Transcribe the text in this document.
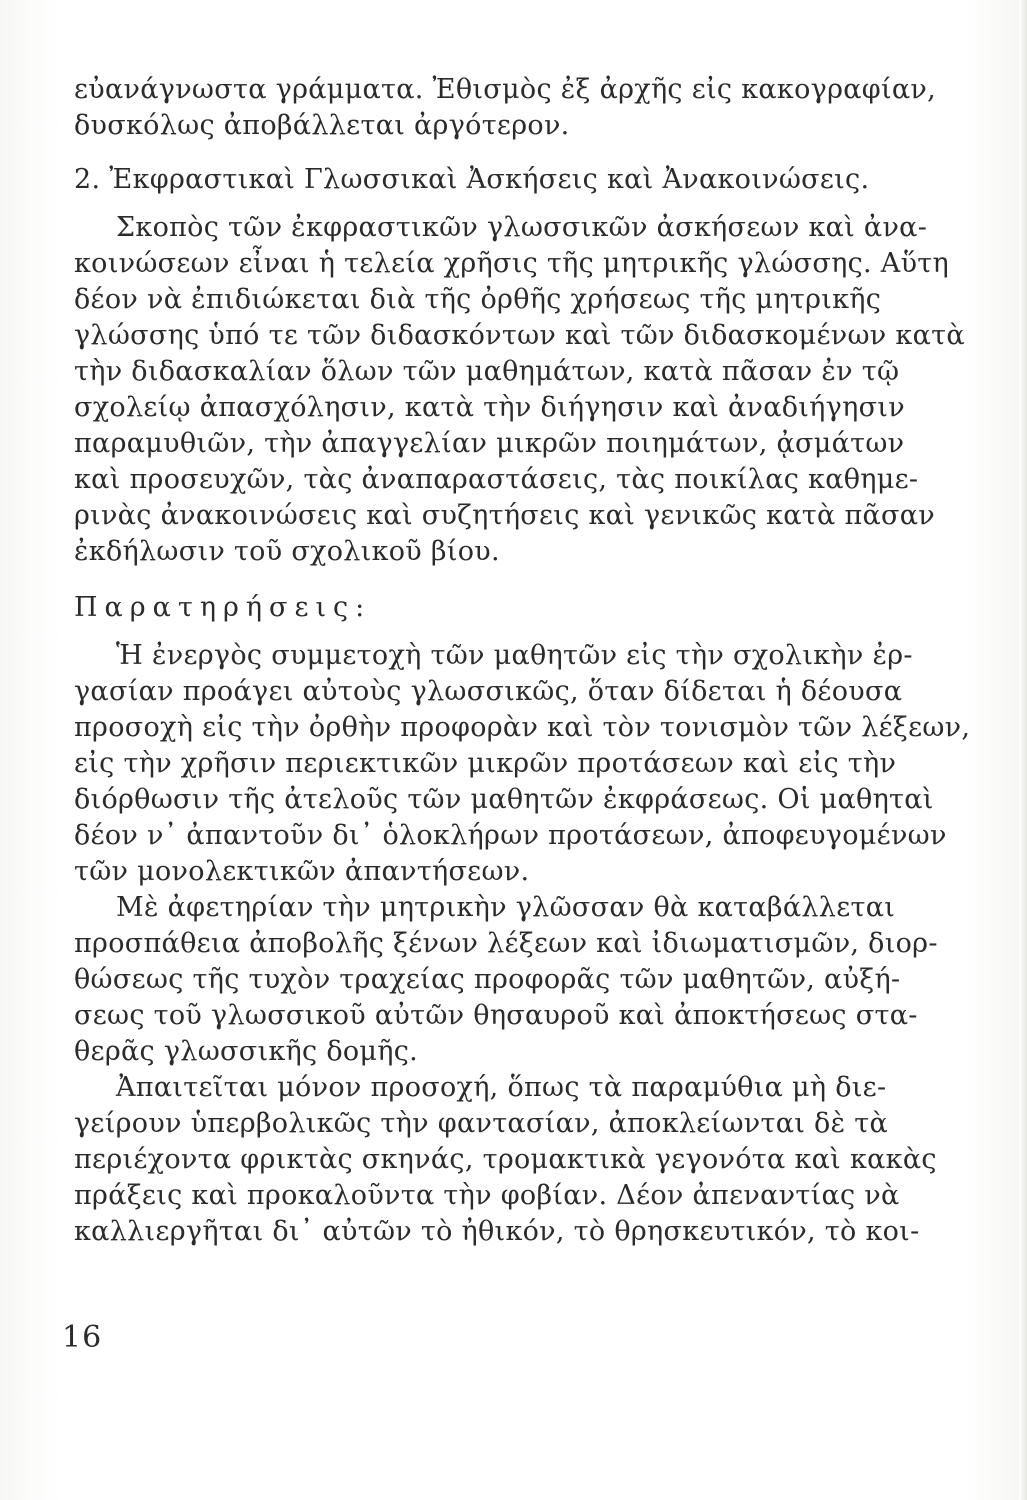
εὐανάγνωστα γράμματα. Ἐθισμὸς ἐξ ἀρχῆς εἰς κακογραφίαν,
δυσκόλως ἀποβάλλεται ἀργότερον.
2. Ἐκφραστικαὶ Γλωσσικαὶ Ἀσκήσεις καὶ Ἀνακοινώσεις.
Σκοπὸς τῶν ἐκφραστικῶν γλωσσικῶν ἀσκήσεων καὶ ἀνα-
κοινώσεων εἶναι ἡ τελεία χρῆσις τῆς μητρικῆς γλώσσης. Αὕτη
δέον νὰ ἐπιδιώκεται διὰ τῆς ὀρθῆς χρήσεως τῆς μητρικῆς
γλώσσης ὑπό τε τῶν διδασκόντων καὶ τῶν διδασκομένων κατὰ
τὴν διδασκαλίαν ὅλων τῶν μαθημάτων, κατὰ πᾶσαν ἐν τῷ
σχολείῳ ἀπασχόλησιν, κατὰ τὴν διήγησιν καὶ ἀναδιήγησιν
παραμυθιῶν, τὴν ἀπαγγελίαν μικρῶν ποιημάτων, ᾀσμάτων
καὶ προσευχῶν, τὰς ἀναπαραστάσεις, τὰς ποικίλας καθημε-
ρινὰς ἀνακοινώσεις καὶ συζητήσεις καὶ γενικῶς κατὰ πᾶσαν
ἐκδήλωσιν τοῦ σχολικοῦ βίου.
Παρατηρήσεις:
Ἡ ἐνεργὸς συμμετοχὴ τῶν μαθητῶν εἰς τὴν σχολικὴν ἐρ-
γασίαν προάγει αὐτοὺς γλωσσικῶς, ὅταν δίδεται ἡ δέουσα
προσοχὴ εἰς τὴν ὀρθὴν προφορὰν καὶ τὸν τονισμὸν τῶν λέξεων,
εἰς τὴν χρῆσιν περιεκτικῶν μικρῶν προτάσεων καὶ εἰς τὴν
διόρθωσιν τῆς ἀτελοῦς τῶν μαθητῶν ἐκφράσεως. Οἱ μαθηταὶ
δέον ν᾽ ἀπαντοῦν δι᾽ ὁλοκλήρων προτάσεων, ἀποφευγομένων
τῶν μονολεκτικῶν ἀπαντήσεων.
Μὲ ἀφετηρίαν τὴν μητρικὴν γλῶσσαν θὰ καταβάλλεται
προσπάθεια ἀποβολῆς ξένων λέξεων καὶ ἰδιωματισμῶν, διορ-
θώσεως τῆς τυχὸν τραχείας προφορᾶς τῶν μαθητῶν, αὐξή-
σεως τοῦ γλωσσικοῦ αὐτῶν θησαυροῦ καὶ ἀποκτήσεως στα-
θερᾶς γλωσσικῆς δομῆς.
Ἀπαιτεῖται μόνον προσοχή, ὅπως τὰ παραμύθια μὴ διε-
γείρουν ὑπερβολικῶς τὴν φαντασίαν, ἀποκλείωνται δὲ τὰ
περιέχοντα φρικτὰς σκηνάς, τρομακτικὰ γεγονότα καὶ κακὰς
πράξεις καὶ προκαλοῦντα τὴν φοβίαν. Δέον ἀπεναντίας νὰ
καλλιεργῆται δι᾽ αὐτῶν τὸ ἠθικόν, τὸ θρησκευτικόν, τὸ κοι-
16
